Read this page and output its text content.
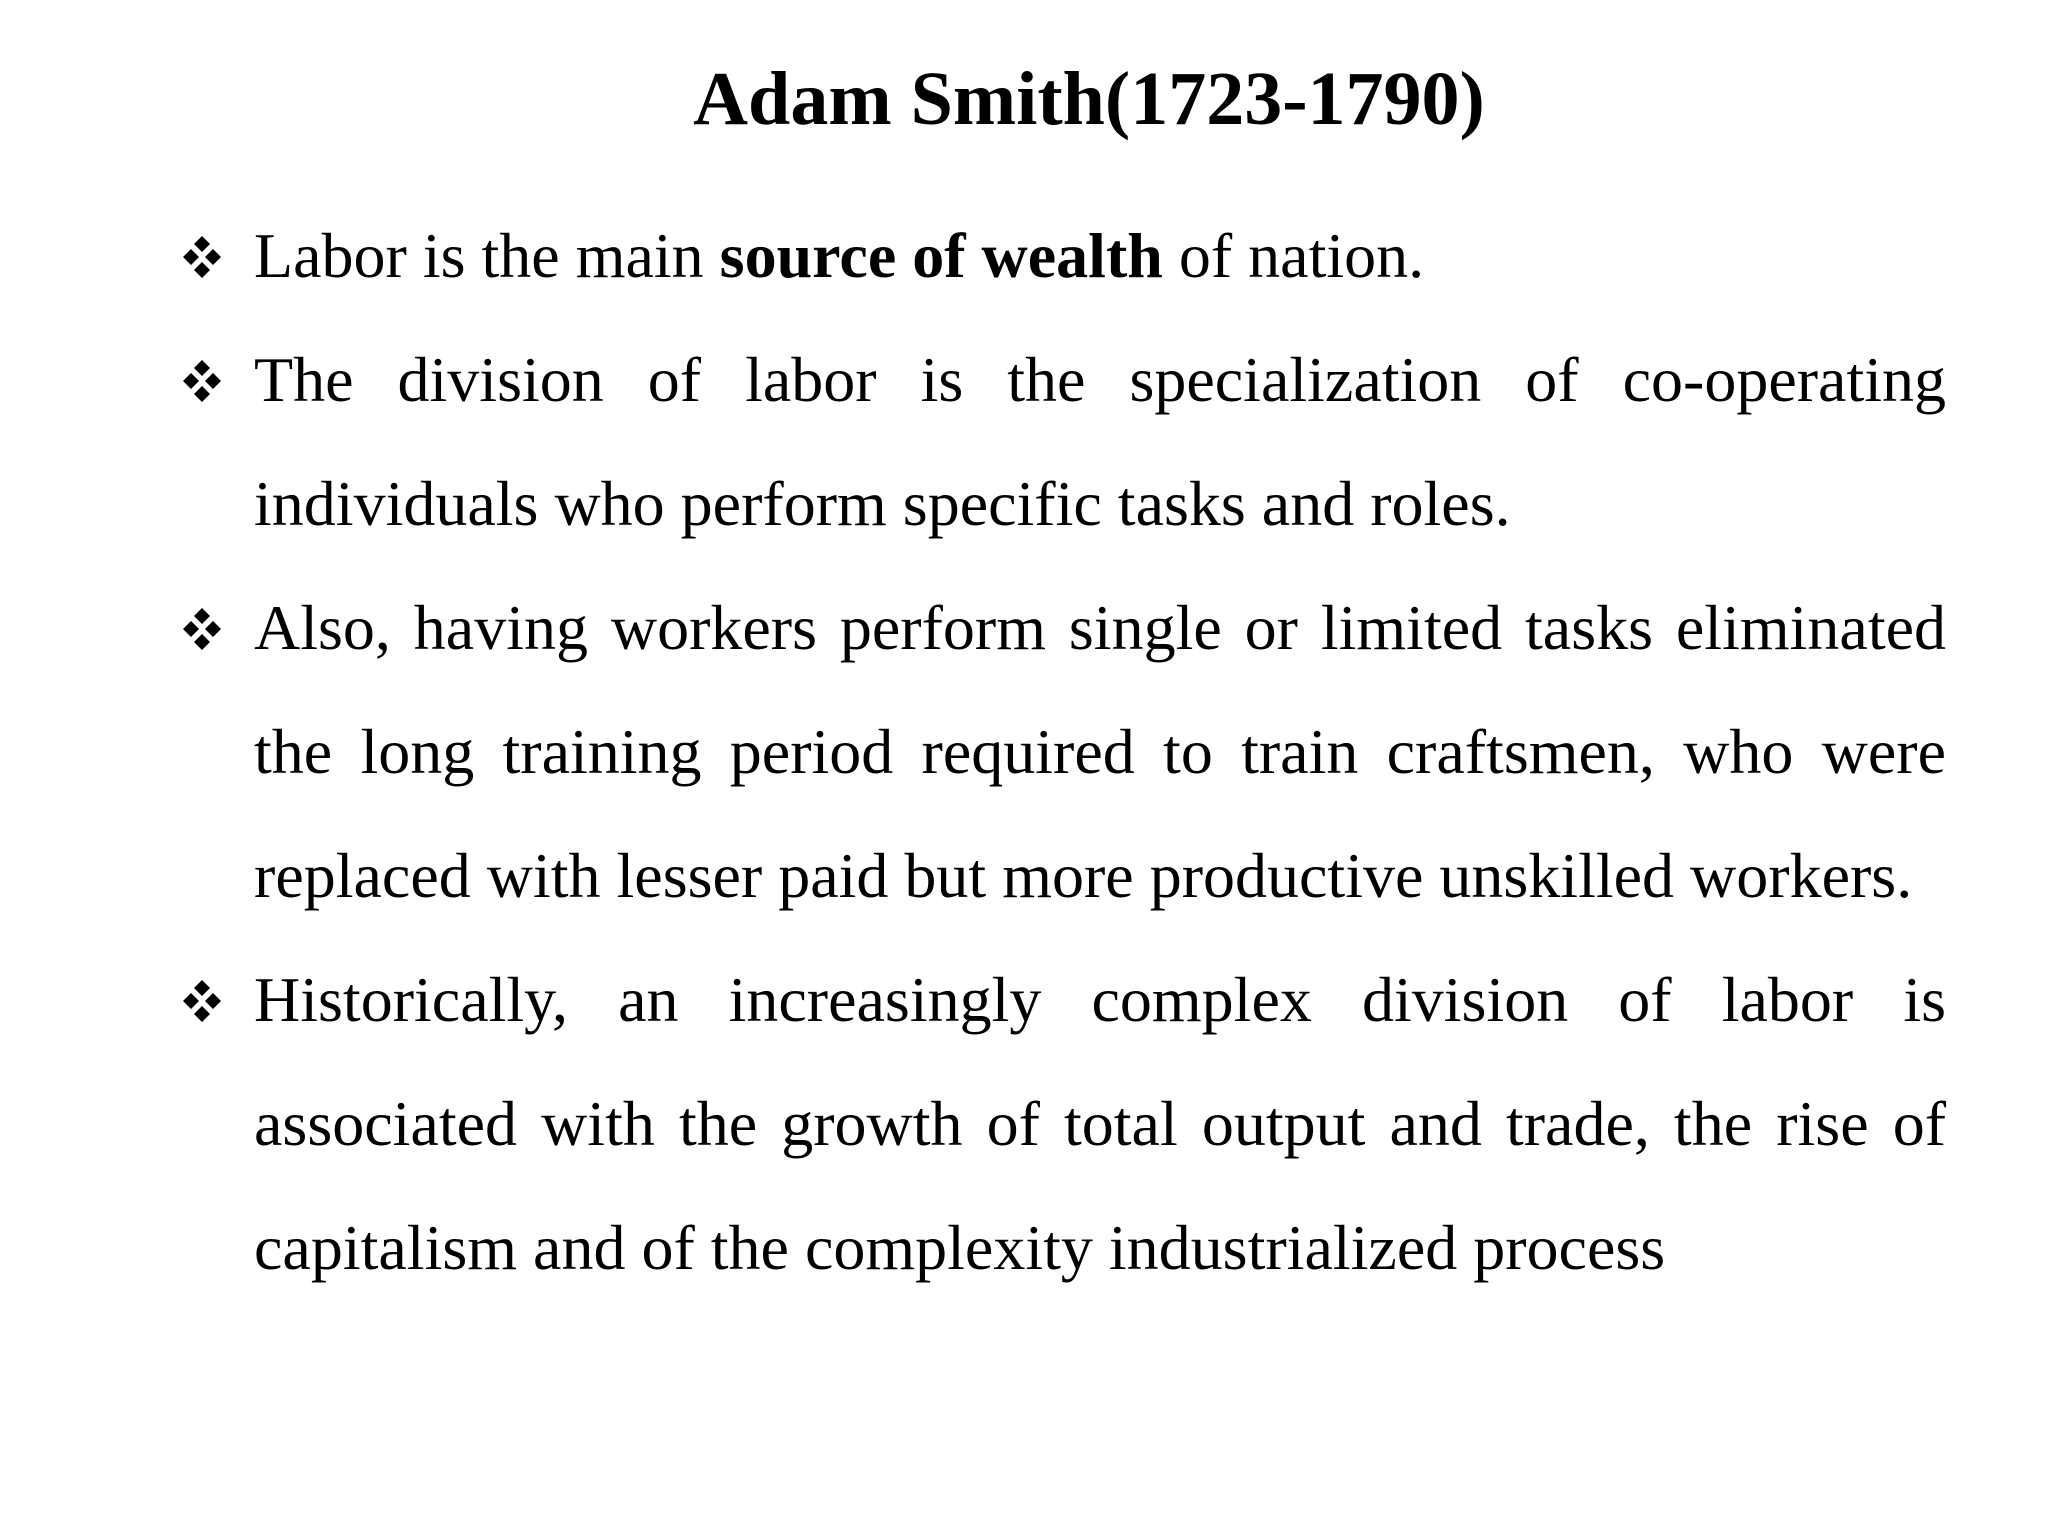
Adam Smith(1723-1790)
Labor is the main source of wealth of nation.
The division of labor is the specialization of co-operating individuals who perform specific tasks and roles.
Also, having workers perform single or limited tasks eliminated the long training period required to train craftsmen, who were replaced with lesser paid but more productive unskilled workers.
Historically, an increasingly complex division of labor is associated with the growth of total output and trade, the rise of capitalism and of the complexity industrialized process
